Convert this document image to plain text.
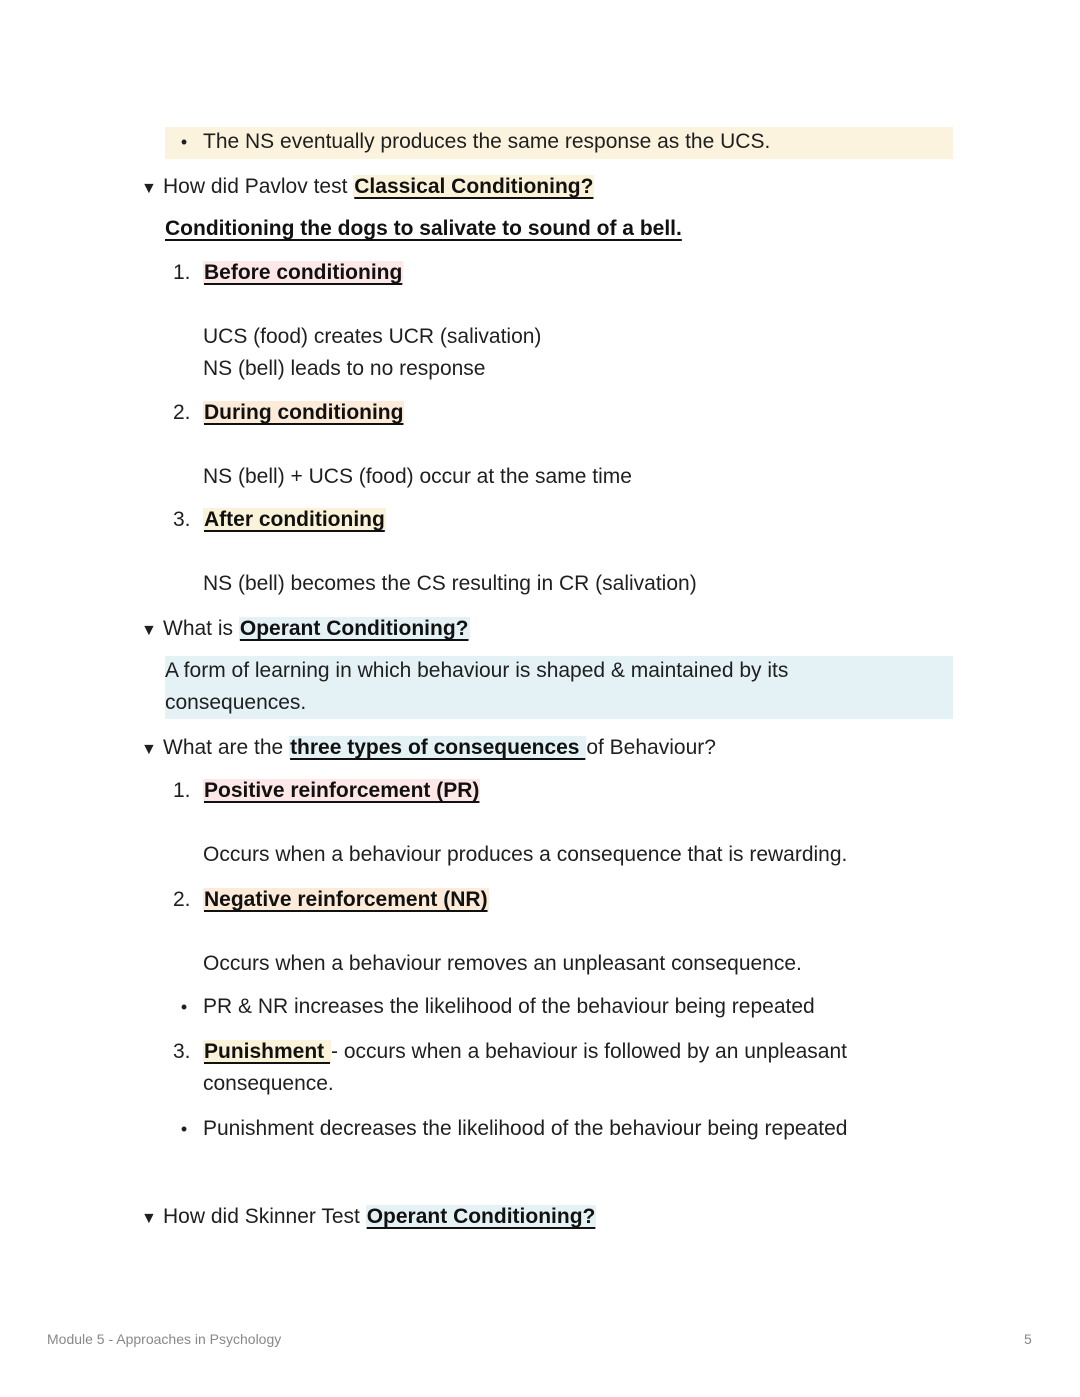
• The NS eventually produces the same response as the UCS.
▼ How did Pavlov test Classical Conditioning?
Conditioning the dogs to salivate to sound of a bell.
1. Before conditioning
UCS (food) creates UCR (salivation)
NS (bell) leads to no response
2. During conditioning
NS (bell) + UCS (food) occur at the same time
3. After conditioning
NS (bell) becomes the CS resulting in CR (salivation)
▼ What is Operant Conditioning?
A form of learning in which behaviour is shaped & maintained by its
consequences.
▼ What are the three types of consequences of Behaviour?
1. Positive reinforcement (PR)
Occurs when a behaviour produces a consequence that is rewarding.
2. Negative reinforcement (NR)
Occurs when a behaviour removes an unpleasant consequence.
• PR & NR increases the likelihood of the behaviour being repeated
3. Punishment - occurs when a behaviour is followed by an unpleasant
consequence.
• Punishment decreases the likelihood of the behaviour being repeated
▼ How did Skinner Test Operant Conditioning?
Module 5 - Approaches in Psychology	5
